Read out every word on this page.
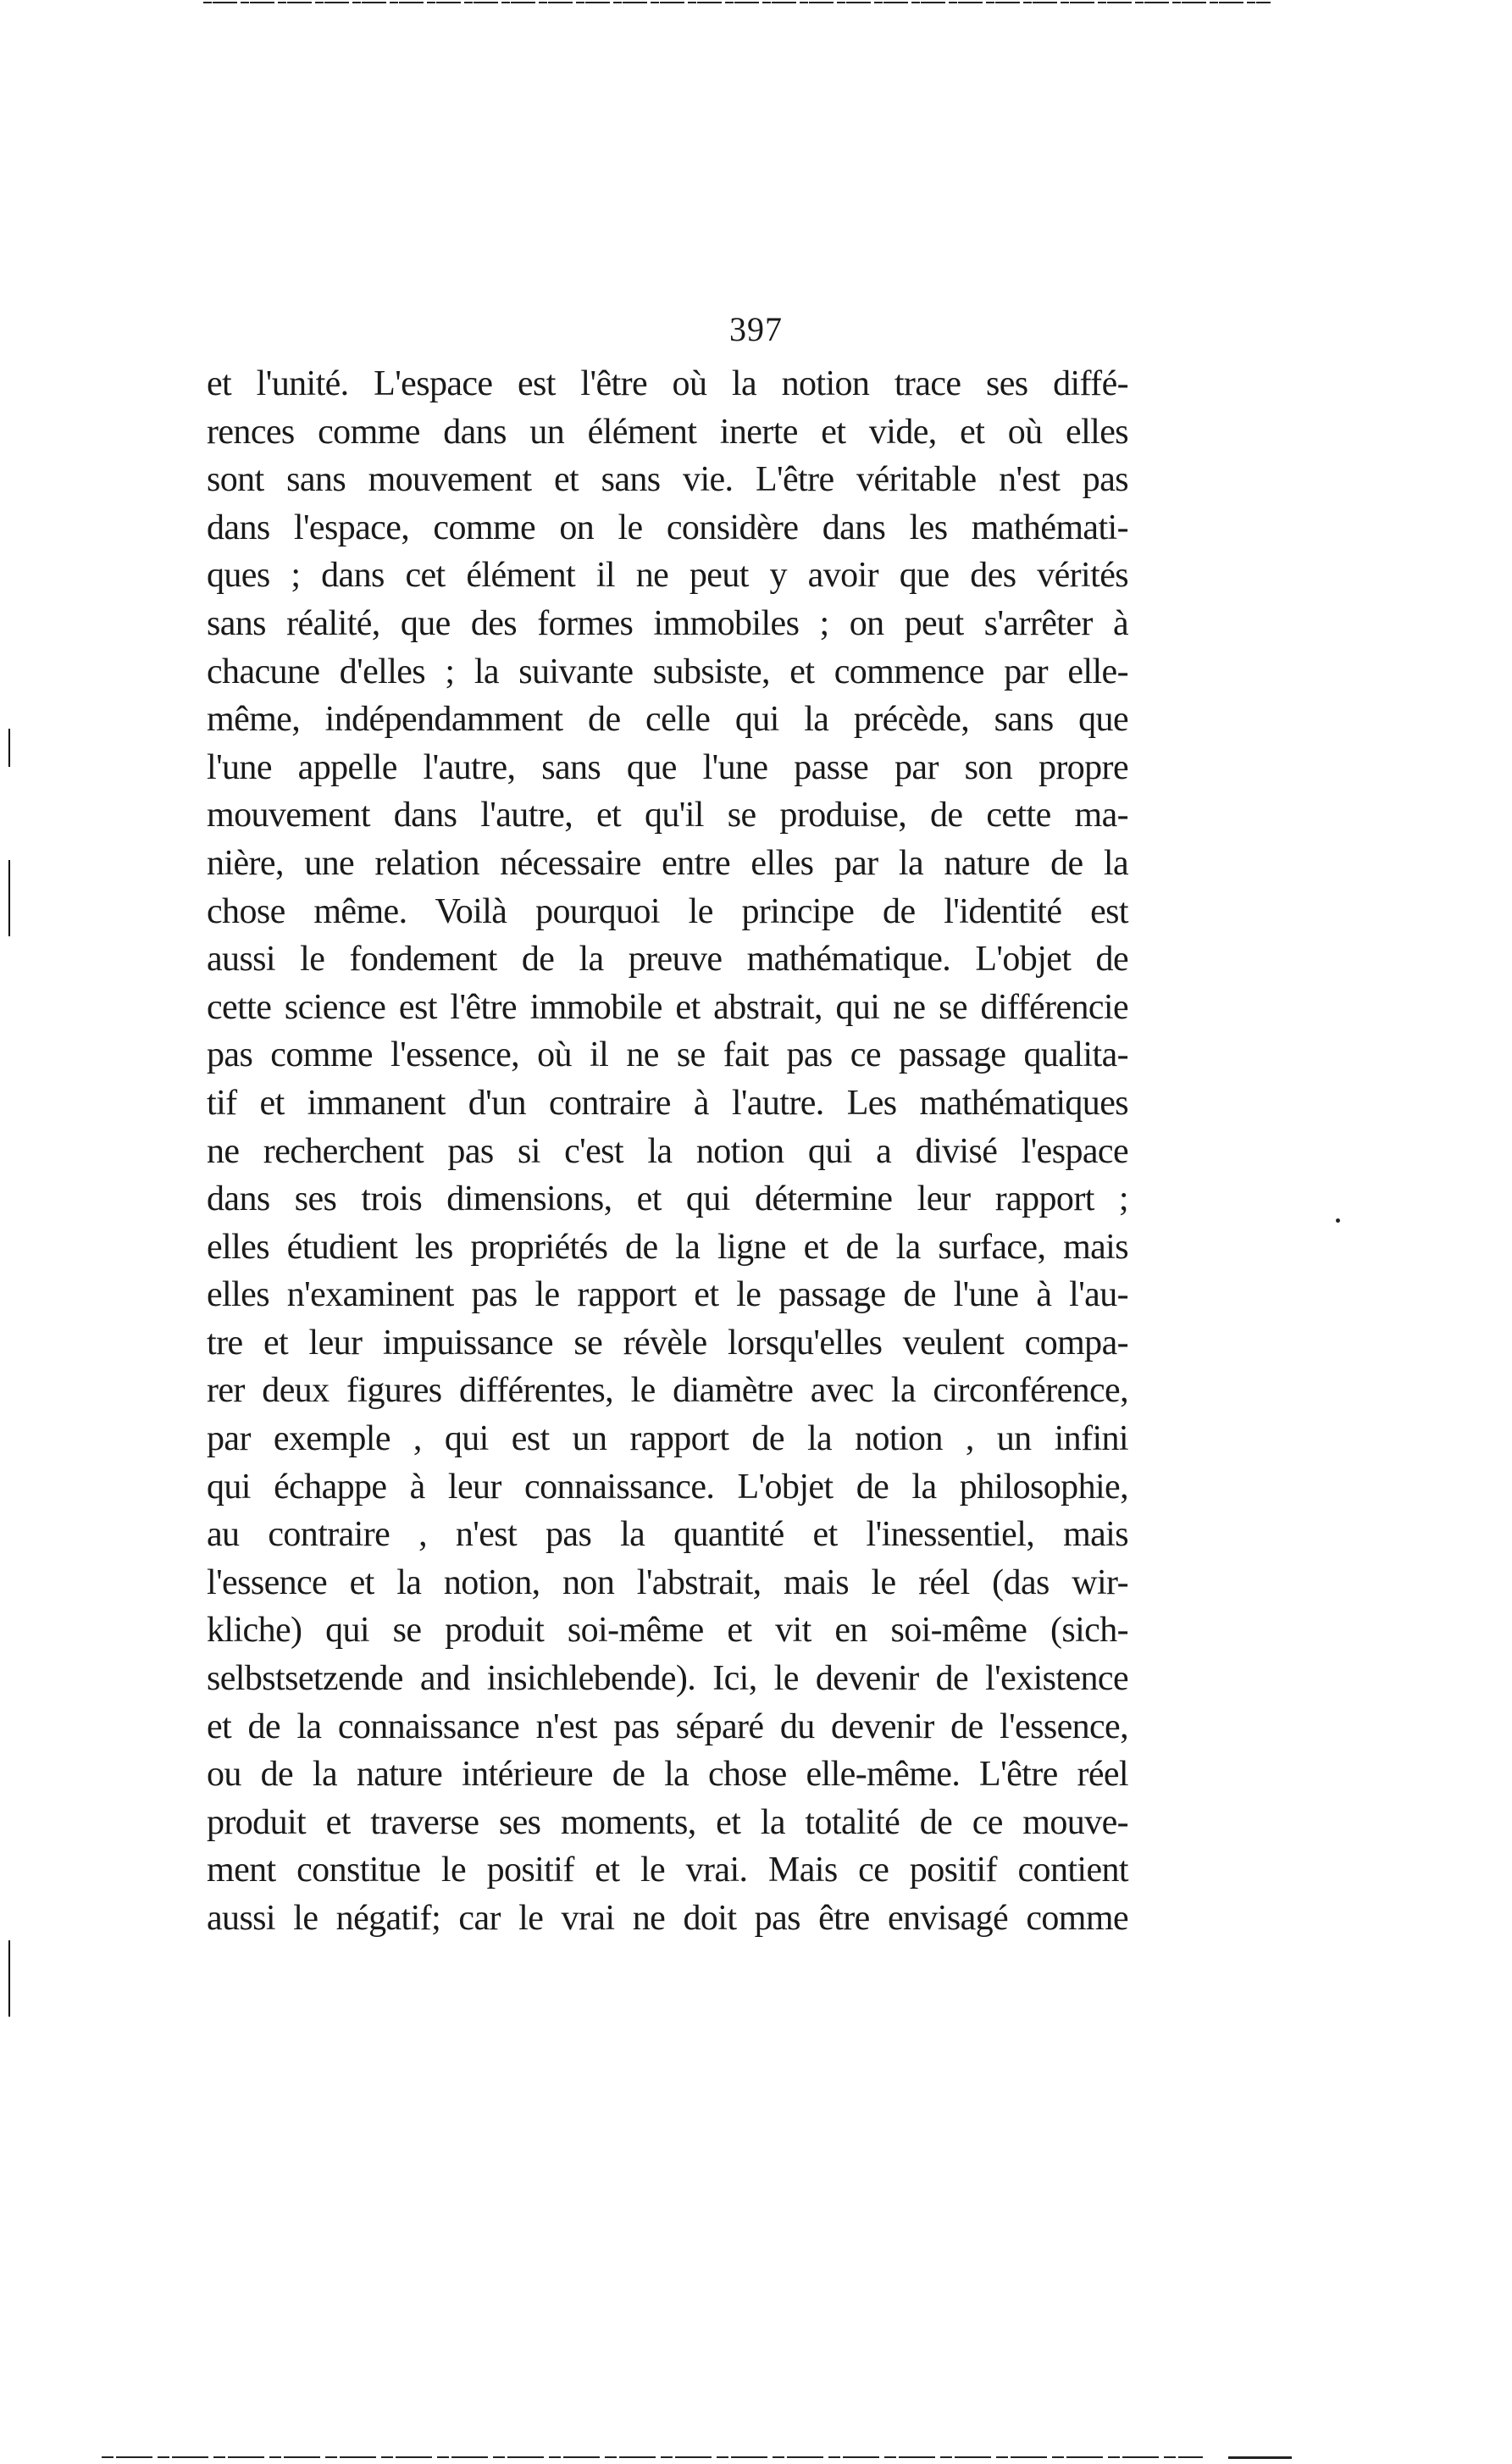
397
et l'unité. L'espace est l'être où la notion trace ses diffé-
rences comme dans un élément inerte et vide, et où elles
sont sans mouvement et sans vie. L'être véritable n'est pas
dans l'espace, comme on le considère dans les mathémati-
ques ; dans cet élément il ne peut y avoir que des vérités
sans réalité, que des formes immobiles ; on peut s'arrêter à
chacune d'elles ; la suivante subsiste, et commence par elle-
même, indépendamment de celle qui la précède, sans que
l'une appelle l'autre, sans que l'une passe par son propre
mouvement dans l'autre, et qu'il se produise, de cette ma-
nière, une relation nécessaire entre elles par la nature de la
chose même. Voilà pourquoi le principe de l'identité est
aussi le fondement de la preuve mathématique. L'objet de
cette science est l'être immobile et abstrait, qui ne se différencie
pas comme l'essence, où il ne se fait pas ce passage qualita-
tif et immanent d'un contraire à l'autre. Les mathématiques
ne recherchent pas si c'est la notion qui a divisé l'espace
dans ses trois dimensions, et qui détermine leur rapport ;
elles étudient les propriétés de la ligne et de la surface, mais
elles n'examinent pas le rapport et le passage de l'une à l'au-
tre et leur impuissance se révèle lorsqu'elles veulent compa-
rer deux figures différentes, le diamètre avec la circonférence,
par exemple , qui est un rapport de la notion , un infini
qui échappe à leur connaissance. L'objet de la philosophie,
au contraire , n'est pas la quantité et l'inessentiel, mais
l'essence et la notion, non l'abstrait, mais le réel (das wir-
kliche) qui se produit soi-même et vit en soi-même (sich-
selbstsetzende and insichlebende). Ici, le devenir de l'existence
et de la connaissance n'est pas séparé du devenir de l'essence,
ou de la nature intérieure de la chose elle-même. L'être réel
produit et traverse ses moments, et la totalité de ce mouve-
ment constitue le positif et le vrai. Mais ce positif contient
aussi le négatif; car le vrai ne doit pas être envisagé comme
